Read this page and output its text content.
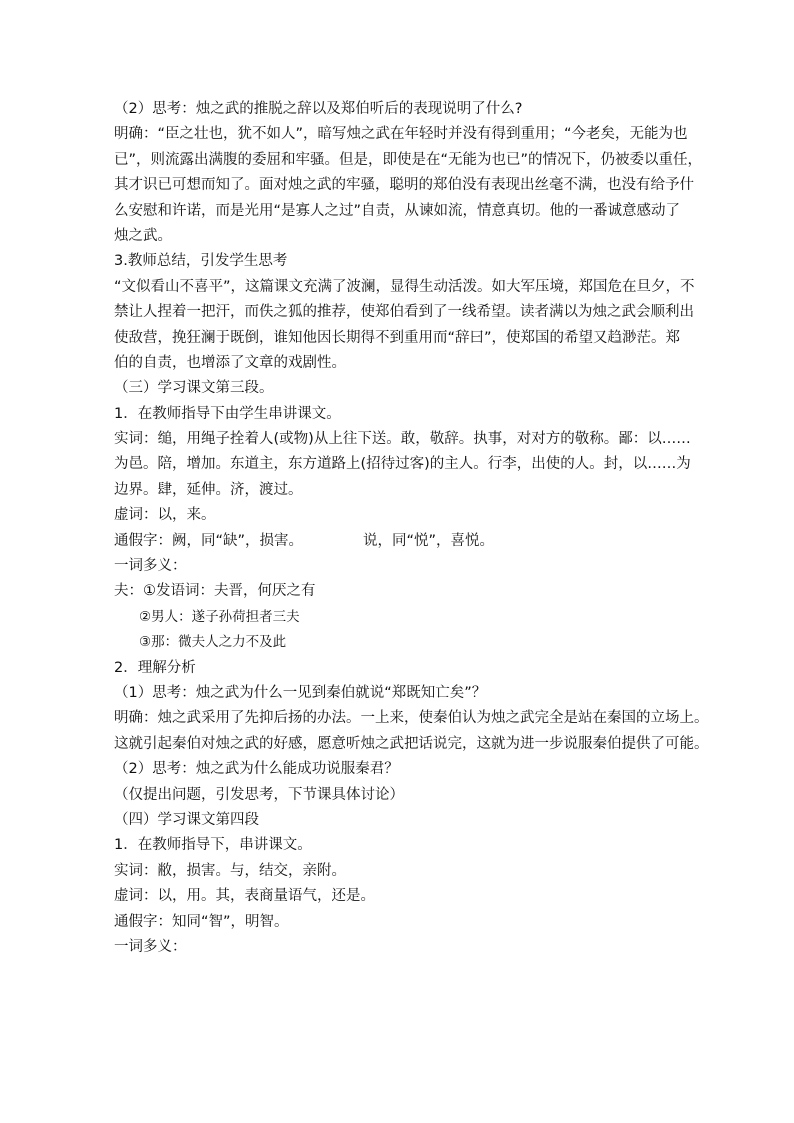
（2）思考：烛之武的推脱之辞以及郑伯听后的表现说明了什么?
明确：“臣之壮也，犹不如人”，暗写烛之武在年轻时并没有得到重用；“今老矣，无能为也
已”，则流露出满腹的委屈和牢骚。但是，即使是在“无能为也已”的情况下，仍被委以重任，
其才识已可想而知了。面对烛之武的牢骚，聪明的郑伯没有表现出丝毫不满，也没有给予什
么安慰和许诺，而是光用“是寡人之过”自责，从谏如流，情意真切。他的一番诚意感动了
烛之武。
3.教师总结，引发学生思考
“文似看山不喜平”，这篇课文充满了波澜，显得生动活泼。如大军压境，郑国危在旦夕，不
禁让人捏着一把汗，而佚之狐的推荐，使郑伯看到了一线希望。读者满以为烛之武会顺利出
使敌营，挽狂澜于既倒，谁知他因长期得不到重用而“辞曰”，使郑国的希望又趋渺茫。郑
伯的自责，也增添了文章的戏剧性。
（三）学习课文第三段。
1．在教师指导下由学生串讲课文。
实词：缒，用绳子拴着人(或物)从上往下送。敢，敬辞。执事，对对方的敬称。鄙：以……
为邑。陪，增加。东道主，东方道路上(招待过客)的主人。行李，出使的人。封，以……为
边界。肆，延伸。济，渡过。
虚词：以，来。
通假字：阙，同“缺”，损害。	说，同“悦”，喜悦。
一词多义：
夫：①发语词：夫晋，何厌之有
②男人：遂子孙荷担者三夫
③那：微夫人之力不及此
2．理解分析
（1）思考：烛之武为什么一见到秦伯就说“郑既知亡矣”？
明确：烛之武采用了先抑后扬的办法。一上来，使秦伯认为烛之武完全是站在秦国的立场上。
这就引起秦伯对烛之武的好感，愿意听烛之武把话说完，这就为进一步说服秦伯提供了可能。
（2）思考：烛之武为什么能成功说服秦君？
（仅提出问题，引发思考，下节课具体讨论）
（四）学习课文第四段
1．在教师指导下，串讲课文。
实词：敝，损害。与，结交，亲附。
虚词：以，用。其，表商量语气，还是。
通假字：知同“智”，明智。
一词多义：
